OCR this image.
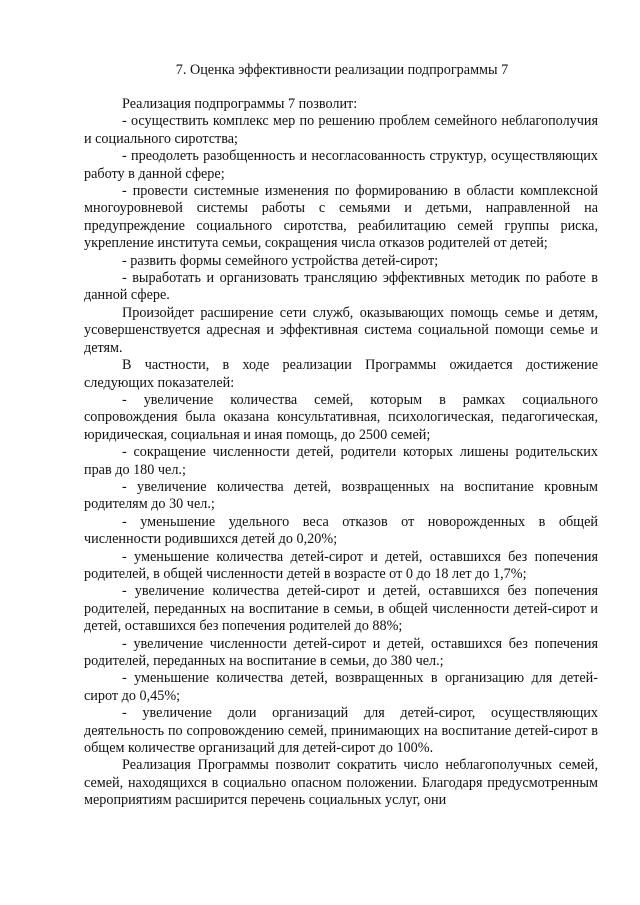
7. Оценка эффективности реализации подпрограммы 7

Реализация подпрограммы 7 позволит:

- осуществить комплекс мер по решению проблем семейного неблагополучия и социального сиротства;

- преодолеть разобщенность и несогласованность структур, осуществляющих работу в данной сфере;

- провести системные изменения по формированию в области комплексной многоуровневой системы работы с семьями и детьми, направленной на предупреждение социального сиротства, реабилитацию семей группы риска, укрепление института семьи, сокращения числа отказов родителей от детей;

- развить формы семейного устройства детей-сирот;

- выработать и организовать трансляцию эффективных методик по работе в данной сфере.

Произойдет расширение сети служб, оказывающих помощь семье и детям, усовершенствуется адресная и эффективная система социальной помощи семье и детям.

В частности, в ходе реализации Программы ожидается достижение следующих показателей:

- увеличение количества семей, которым в рамках социального сопровождения была оказана консультативная, психологическая, педагогическая, юридическая, социальная и иная помощь, до 2500 семей;

- сокращение численности детей, родители которых лишены родительских прав до 180 чел.;

- увеличение количества детей, возвращенных на воспитание кровным родителям до 30 чел.;

- уменьшение удельного веса отказов от новорожденных в общей численности родившихся детей до 0,20%;

- уменьшение количества детей-сирот и детей, оставшихся без попечения родителей, в общей численности детей в возрасте от 0 до 18 лет до 1,7%;

- увеличение количества детей-сирот и детей, оставшихся без попечения родителей, переданных на воспитание в семьи, в общей численности детей-сирот и детей, оставшихся без попечения родителей до 88%;

- увеличение численности детей-сирот и детей, оставшихся без попечения родителей, переданных на воспитание в семьи, до 380 чел.;

- уменьшение количества детей, возвращенных в организацию для детей-сирот до 0,45%;

- увеличение доли организаций для детей-сирот, осуществляющих деятельность по сопровождению семей, принимающих на воспитание детей-сирот в общем количестве организаций для детей-сирот до 100%.

Реализация Программы позволит сократить число неблагополучных семей, семей, находящихся в социально опасном положении. Благодаря предусмотренным мероприятиям расширится перечень социальных услуг, они
